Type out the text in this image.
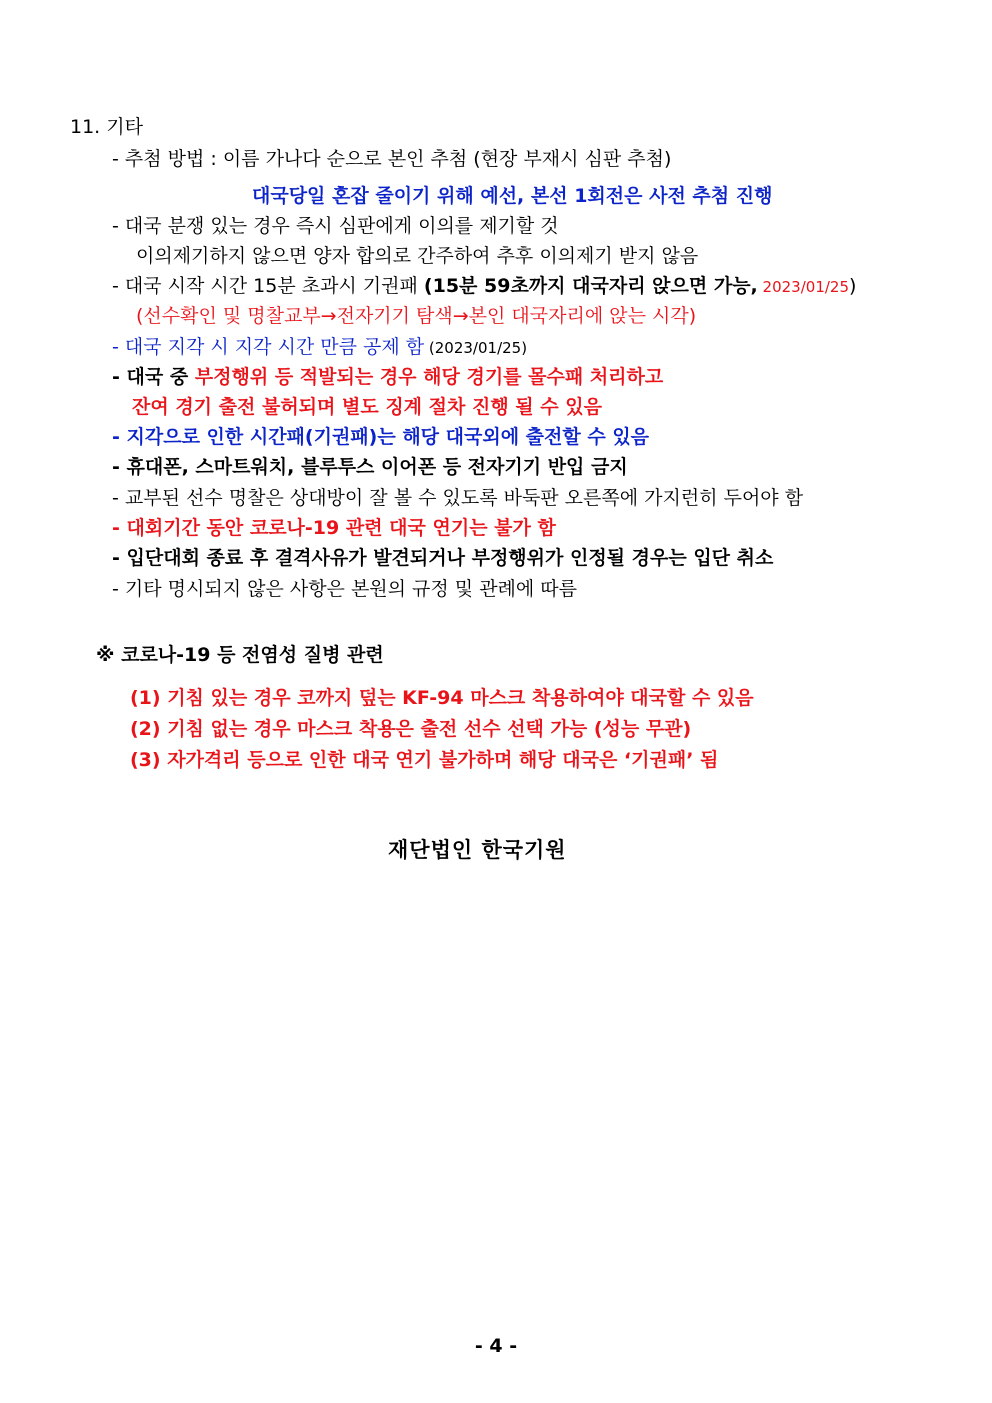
11. 기타
- 추첨 방법 : 이름 가나다 순으로 본인 추첨 (현장 부재시 심판 추첨)
대국당일 혼잡 줄이기 위해 예선, 본선 1회전은 사전 추첨 진행
- 대국 분쟁 있는 경우 즉시 심판에게 이의를 제기할 것
이의제기하지 않으면 양자 합의로 간주하여 추후 이의제기 받지 않음
- 대국 시작 시간 15분 초과시 기권패 (15분 59초까지 대국자리 앉으면 가능, 2023/01/25)
(선수확인 및 명찰교부→전자기기 탐색→본인 대국자리에 앉는 시각)
- 대국 지각 시 지각 시간 만큼 공제 함 (2023/01/25)
- 대국 중 부정행위 등 적발되는 경우 해당 경기를 몰수패 처리하고
잔여 경기 출전 불허되며 별도 징계 절차 진행 될 수 있음
- 지각으로 인한 시간패(기권패)는 해당 대국외에 출전할 수 있음
- 휴대폰, 스마트워치, 블루투스 이어폰 등 전자기기 반입 금지
- 교부된 선수 명찰은 상대방이 잘 볼 수 있도록 바둑판 오른쪽에 가지런히 두어야 함
- 대회기간 동안 코로나-19 관련 대국 연기는 불가 함
- 입단대회 종료 후 결격사유가 발견되거나 부정행위가 인정될 경우는 입단 취소
- 기타 명시되지 않은 사항은 본원의 규정 및 관례에 따름
※ 코로나-19 등 전염성 질병 관련
(1) 기침 있는 경우 코까지 덮는 KF-94 마스크 착용하여야 대국할 수 있음
(2) 기침 없는 경우 마스크 착용은 출전 선수 선택 가능 (성능 무관)
(3) 자가격리 등으로 인한 대국 연기 불가하며 해당 대국은 ‘기권패’ 됨
재단법인 한국기원
- 4 -
